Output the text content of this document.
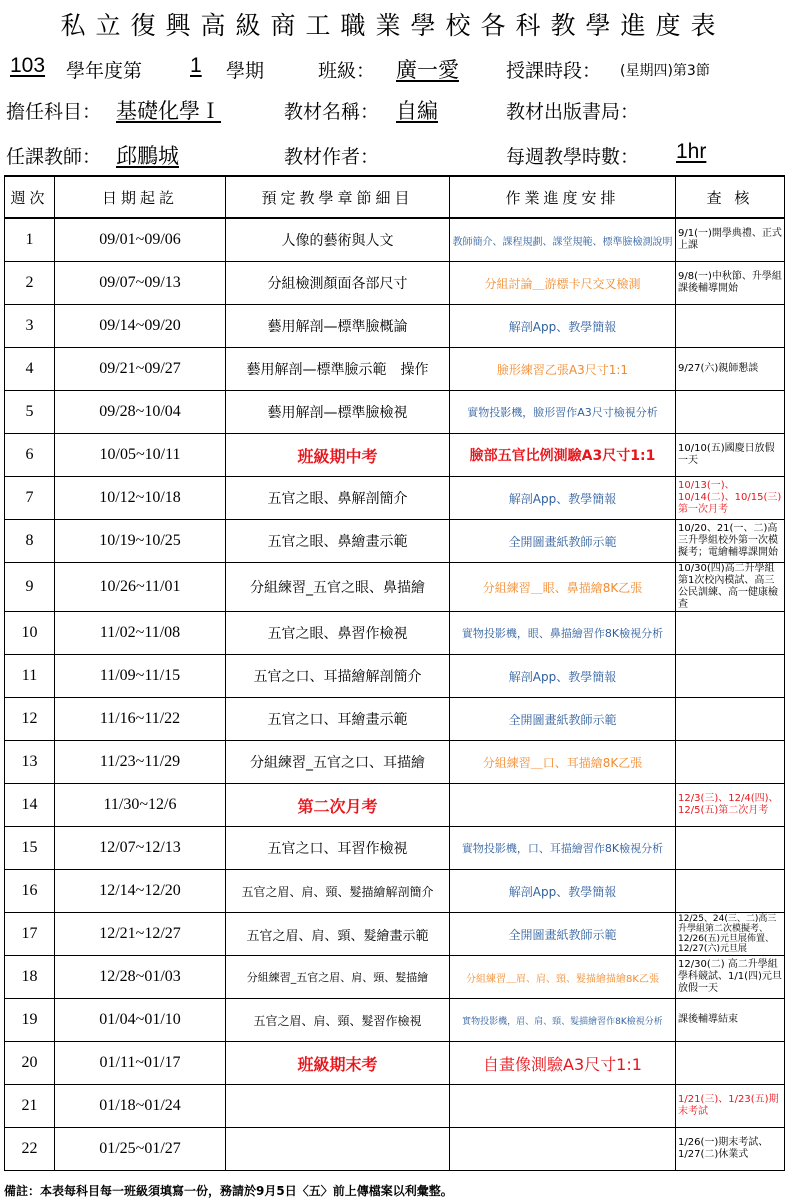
私立復興高級商工職業學校各科教學進度表
103 學年度第 1 學期	班級： 廣一愛 授課時段： (星期四)第3節
擔任科目： 基礎化學Ｉ	教材名稱： 自編	教材出版書局：
任課教師： 邱鵬城	教材作者：	每週教學時數： 1hr
週次	日期起訖	預定教學章節細目	作業進度安排	查 核
1	09/01~09/06	人像的藝術與人文	教師簡介、課程規劃、課堂規範、標準臉檢測說明	9/1(一)開學典禮、正式上課
2	09/07~09/13	分組檢測顏面各部尺寸	分組討論＿游標卡尺交叉檢測	9/8(一)中秋節、升學組課後輔導開始
3	09/14~09/20	藝用解剖—標準臉概論	解剖App、教學簡報	
4	09/21~09/27	藝用解剖—標準臉示範　操作	臉形練習乙張A3尺寸1:1	9/27(六)親師懇談
5	09/28~10/04	藝用解剖—標準臉檢視	實物投影機，臉形習作A3尺寸檢視分析	
6	10/05~10/11	班級期中考	臉部五官比例測驗A3尺寸1:1	10/10(五)國慶日放假一天
7	10/12~10/18	五官之眼、鼻解剖簡介	解剖App、教學簡報	10/13(一)、10/14(二)、10/15(三)第一次月考
8	10/19~10/25	五官之眼、鼻繪畫示範	全開圖畫紙教師示範	10/20、21(一、二)高三升學組校外第一次模擬考；電繪輔導課開始
9	10/26~11/01	分組練習_五官之眼、鼻描繪	分組練習＿眼、鼻描繪8K乙張	10/30(四)高二升學組第1次校內模試、高三公民訓練、高一健康檢查
10	11/02~11/08	五官之眼、鼻習作檢視	實物投影機，眼、鼻描繪習作8K檢視分析	
11	11/09~11/15	五官之口、耳描繪解剖簡介	解剖App、教學簡報	
12	11/16~11/22	五官之口、耳繪畫示範	全開圖畫紙教師示範	
13	11/23~11/29	分組練習_五官之口、耳描繪	分組練習＿口、耳描繪8K乙張	
14	11/30~12/6	第二次月考		12/3(三)、12/4(四)、12/5(五)第二次月考
15	12/07~12/13	五官之口、耳習作檢視	實物投影機，口、耳描繪習作8K檢視分析	
16	12/14~12/20	五官之眉、肩、頸、髮描繪解剖簡介	解剖App、教學簡報	
17	12/21~12/27	五官之眉、肩、頸、髮繪畫示範	全開圖畫紙教師示範	12/25、24(三、二)高三升學組第二次模擬考、12/26(五)元旦展佈置、12/27(六)元旦展
18	12/28~01/03	分組練習_五官之眉、肩、頸、髮描繪	分組練習＿眉、肩、頸、髮描繪描繪8K乙張	12/30(二) 高二升學組學科競試、1/1(四)元旦放假一天
19	01/04~01/10	五官之眉、肩、頸、髮習作檢視	實物投影機，眉、肩、頸、髮描繪習作8K檢視分析	課後輔導結束
20	01/11~01/17	班級期末考	自畫像測驗A3尺寸1:1	
21	01/18~01/24			1/21(三)、1/23(五)期末考試
22	01/25~01/27			1/26(一)期末考試、1/27(二)休業式
備註：本表每科目每一班級須填寫一份，務請於9月5日〈五〉前上傳檔案以利彙整。
